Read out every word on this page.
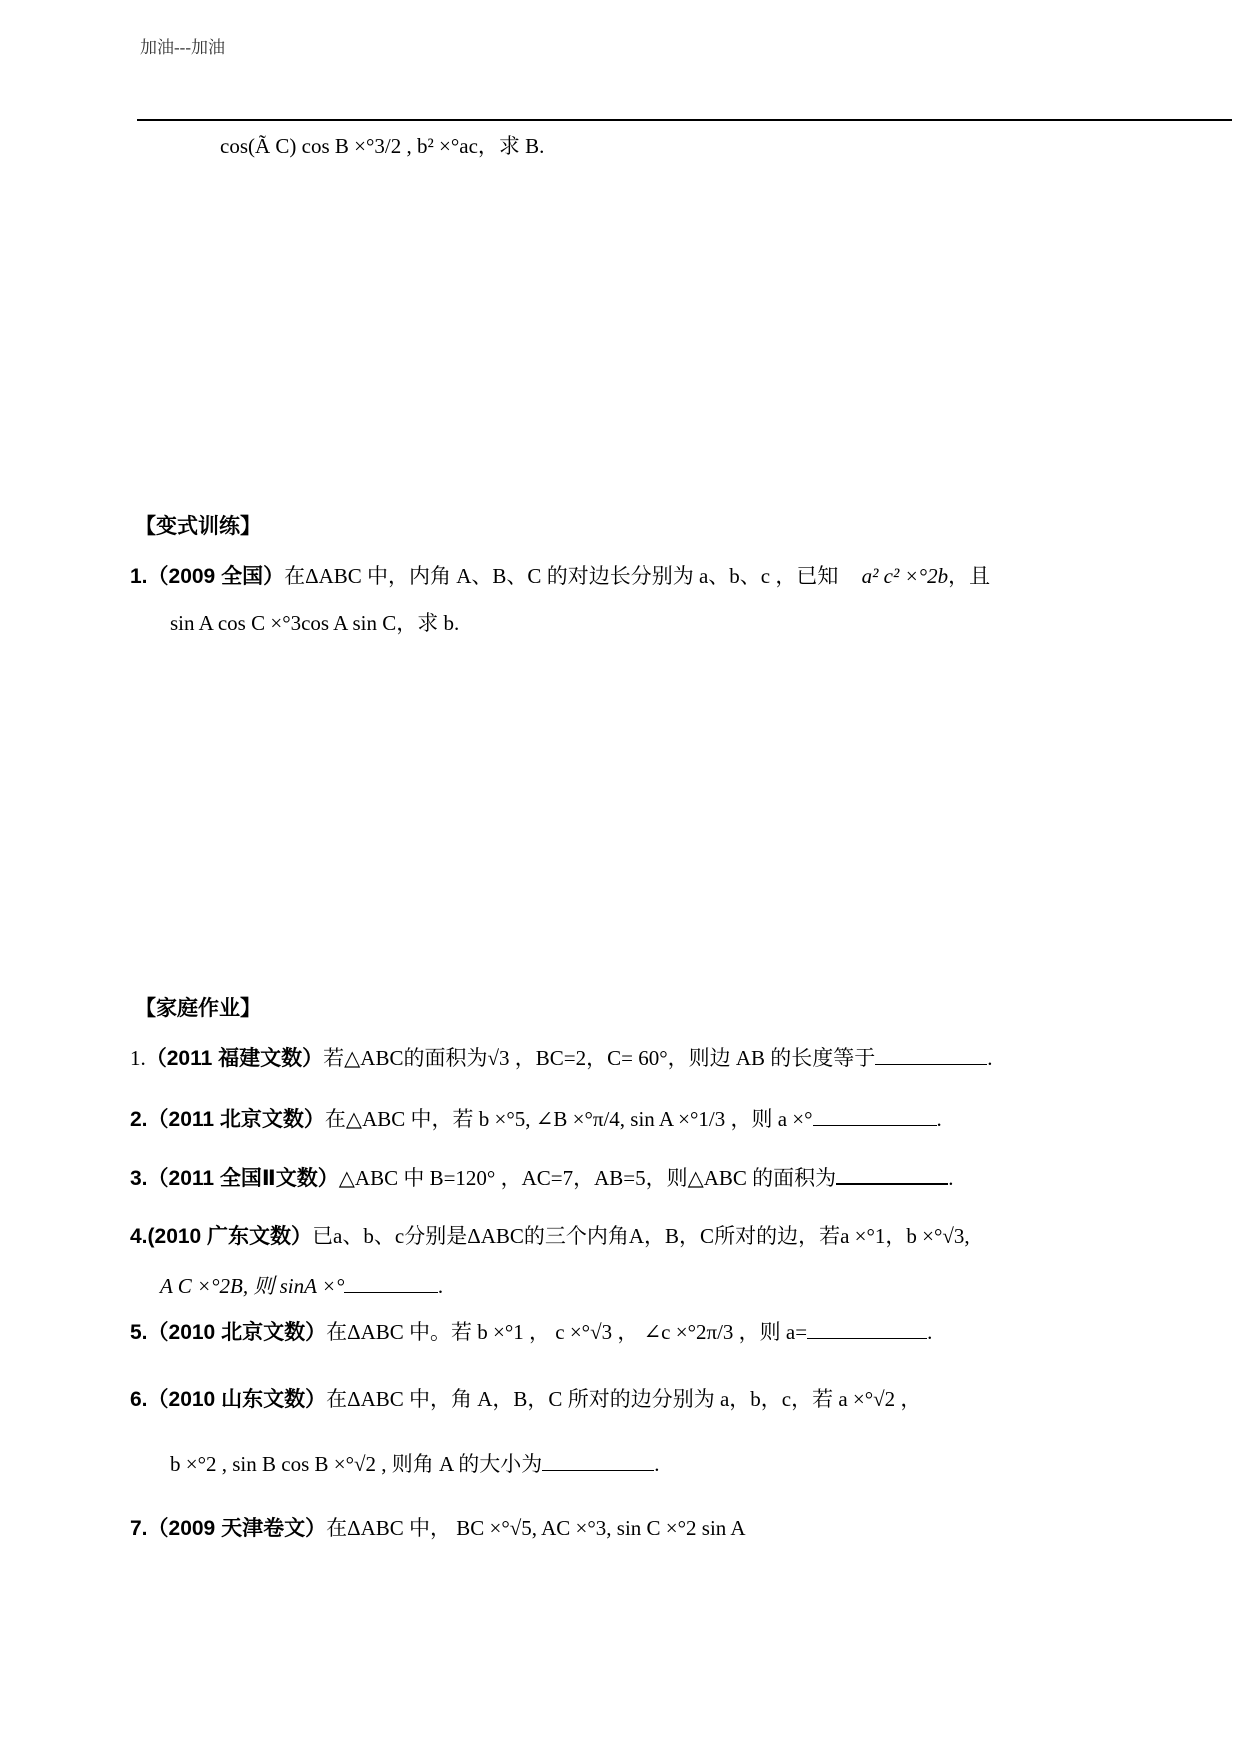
加油---加油
cos(Ã C) cos B ×°3/2 , b² ×°ac，求 B.
【变式训练】
1.（2009 全国）在ΔABC 中，内角 A、B、C 的对边长分别为 a、b、c ，已知 a² c² ×°2b，且
sin A cos C ×°3cos A sin C，求 b.
【家庭作业】
1.（2011 福建文数）若△ABC的面积为√3 ，BC=2，C= 60°，则边 AB 的长度等于	.
2.（2011 北京文数）在△ABC 中，若 b ×°5, ∠B ×°π/4, sin A ×°1/3 ，则 a ×°	.
3.（2011 全国Ⅱ文数）△ABC 中 B=120° ，AC=7，AB=5，则△ABC 的面积为	.
4.(2010 广东文数）已a、b、c分别是ΔABC的三个内角A，B，C所对的边，若a ×°1，b ×°√3,
A C ×°2B, 则 sinA ×°	.
5.（2010 北京文数）在ΔABC 中。若 b ×°1 ， c ×°√3 ， ∠c ×°2π/3 ，则 a=	.
6.（2010 山东文数）在ΔABC 中，角 A，B，C 所对的边分别为 a，b，c，若 a ×°√2 ，
b ×°2 , sin B cos B ×°√2 , 则角 A 的大小为	.
7.（2009 天津卷文）在ΔABC 中， BC ×°√5, AC ×°3, sin C ×°2 sin A
